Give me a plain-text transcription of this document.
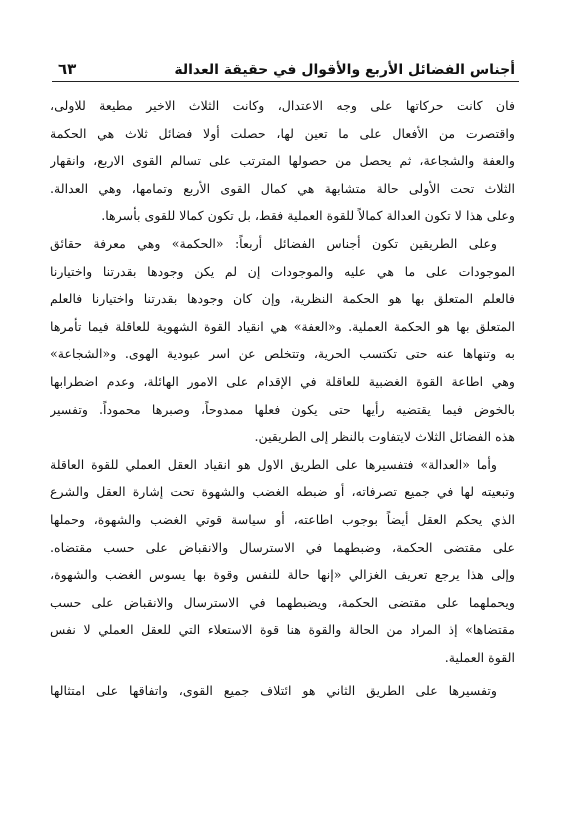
أجناس الفضائل الأربع والأقوال في حقيقة العدالة
٦٣
فان كانت حركاتها على وجه الاعتدال، وكانت الثلاث الاخير مطيعة للاولى،
واقتصرت من الأفعال على ما تعين لها، حصلت أولا فضائل ثلاث هي الحكمة
والعفة والشجاعة، ثم يحصل من حصولها المترتب على تسالم القوى الاربع، وانقهار
الثلاث تحت الأولى حالة متشابهة هي كمال القوى الأربع وتمامها، وهي العدالة.
وعلى هذا لا تكون العدالة كمالاً للقوة العملية فقط، بل تكون كمالا للقوى بأسرها.
وعلى الطريقين تكون أجناس الفضائل أربعاً: «الحكمة» وهي معرفة حقائق
الموجودات على ما هي عليه والموجودات إن لم يكن وجودها بقدرتنا واختيارنا
فالعلم المتعلق بها هو الحكمة النظرية، وإن كان وجودها بقدرتنا واختيارنا فالعلم
المتعلق بها هو الحكمة العملية. و«العفة» هي انقياد القوة الشهوية للعاقلة فيما تأمرها
به وتنهاها عنه حتى تكتسب الحرية، وتتخلص عن اسر عبودية الهوى. و«الشجاعة»
وهي اطاعة القوة الغضبية للعاقلة في الإقدام على الامور الهائلة، وعدم اضطرابها
بالخوض فيما يقتضيه رأيها حتى يكون فعلها ممدوحاً، وصبرها محموداً. وتفسير
هذه الفضائل الثلاث لايتفاوت بالنظر إلى الطريقين.
وأما «العدالة» فتفسيرها على الطريق الاول هو انقياد العقل العملي للقوة العاقلة
وتبعيته لها في جميع تصرفاته، أو ضبطه الغضب والشهوة تحت إشارة العقل والشرع
الذي يحكم العقل أيضاً بوجوب اطاعته، أو سياسة قوتي الغضب والشهوة، وحملها
على مقتضى الحكمة، وضبطهما في الاسترسال والانقباض على حسب مقتضاه.
وإلى هذا يرجع تعريف الغزالي «إنها حالة للنفس وقوة بها يسوس الغضب والشهوة،
ويحملهما على مقتضى الحكمة، ويضبطهما في الاسترسال والانقباض على حسب
مقتضاها» إذ المراد من الحالة والقوة هنا قوة الاستعلاء التي للعقل العملي لا نفس
القوة العملية.
وتفسيرها على الطريق الثاني هو ائتلاف جميع القوى، واتفاقها على امتثالها
